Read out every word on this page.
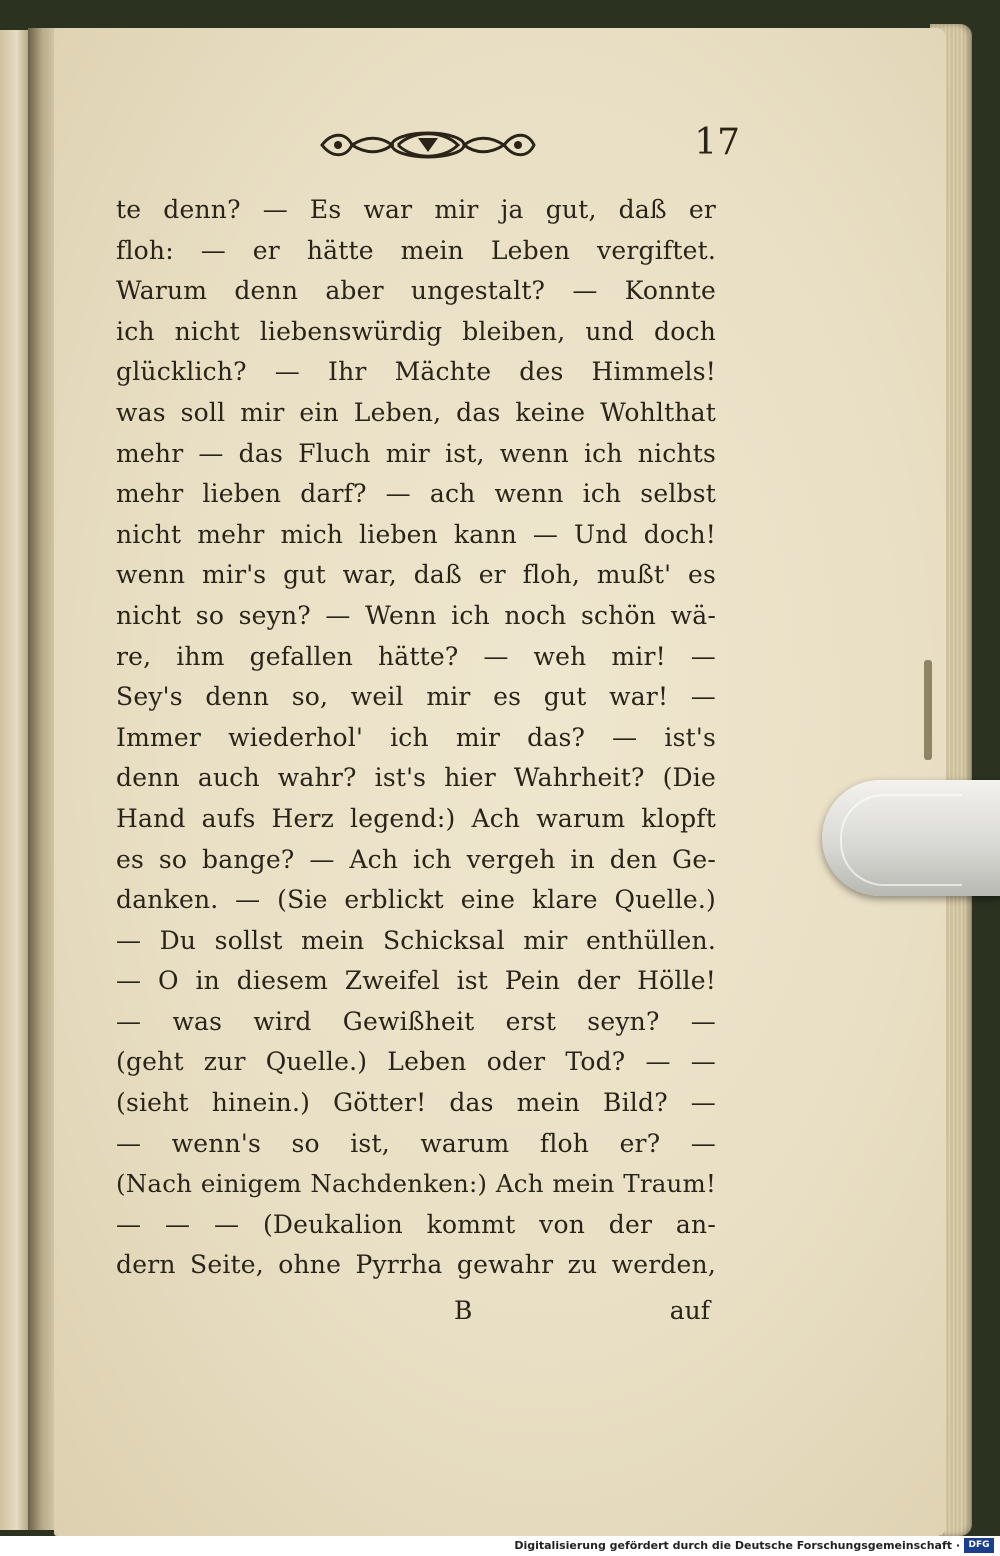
17
te denn? — Es war mir ja gut, daß er
floh: — er hätte mein Leben vergiftet.
Warum denn aber ungestalt? — Konnte
ich nicht liebenswürdig bleiben, und doch
glücklich? — Ihr Mächte des Himmels!
was soll mir ein Leben, das keine Wohlthat
mehr — das Fluch mir ist, wenn ich nichts
mehr lieben darf? — ach wenn ich selbst
nicht mehr mich lieben kann — Und doch!
wenn mir's gut war, daß er floh, mußt' es
nicht so seyn? — Wenn ich noch schön wä-
re, ihm gefallen hätte? — weh mir! —
Sey's denn so, weil mir es gut war! —
Immer wiederhol' ich mir das? — ist's
denn auch wahr? ist's hier Wahrheit? (Die
Hand aufs Herz legend:) Ach warum klopft
es so bange? — Ach ich vergeh in den Ge-
danken. — (Sie erblickt eine klare Quelle.)
— Du sollst mein Schicksal mir enthüllen.
— O in diesem Zweifel ist Pein der Hölle!
— was wird Gewißheit erst seyn? —
(geht zur Quelle.) Leben oder Tod? — —
(sieht hinein.) Götter! das mein Bild? —
— wenn's so ist, warum floh er? —
(Nach einigem Nachdenken:) Ach mein Traum!
— — — (Deukalion kommt von der an-
dern Seite, ohne Pyrrha gewahr zu werden,
B	auf
Digitalisierung gefördert durch die Deutsche Forschungsgemeinschaft · DFG
